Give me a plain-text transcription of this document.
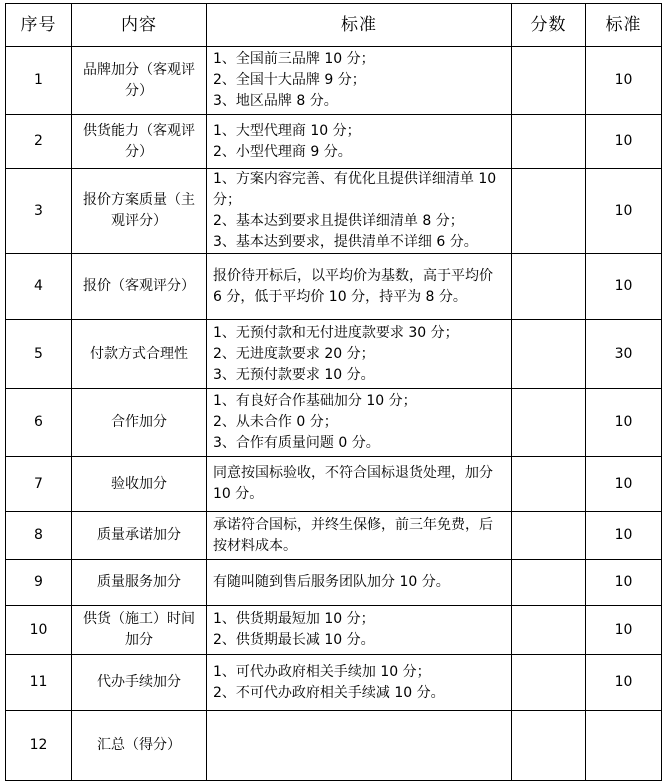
序号	内容	标准	分数	标准
1	品牌加分（客观评分）	1、全国前三品牌 10 分；
2、全国十大品牌 9 分；
3、地区品牌 8 分。		10
2	供货能力（客观评分）	1、大型代理商 10 分；
2、小型代理商 9 分。		10
3	报价方案质量（主观评分）	1、方案内容完善、有优化且提供详细清单 10 分；
2、基本达到要求且提供详细清单 8 分；
3、基本达到要求，提供清单不详细 6 分。		10
4	报价（客观评分）	报价待开标后，以平均价为基数，高于平均价 6 分，低于平均价 10 分，持平为 8 分。		10
5	付款方式合理性	1、无预付款和无付进度款要求 30 分；
2、无进度款要求 20 分；
3、无预付款要求 10 分。		30
6	合作加分	1、有良好合作基础加分 10 分；
2、从未合作 0 分；
3、合作有质量问题 0 分。		10
7	验收加分	同意按国标验收，不符合国标退货处理，加分 10 分。		10
8	质量承诺加分	承诺符合国标，并终生保修，前三年免费，后按材料成本。		10
9	质量服务加分	有随叫随到售后服务团队加分 10 分。		10
10	供货（施工）时间加分	1、供货期最短加 10 分；
2、供货期最长减 10 分。		10
11	代办手续加分	1、可代办政府相关手续加 10 分；
2、不可代办政府相关手续减 10 分。		10
12	汇总（得分）			
